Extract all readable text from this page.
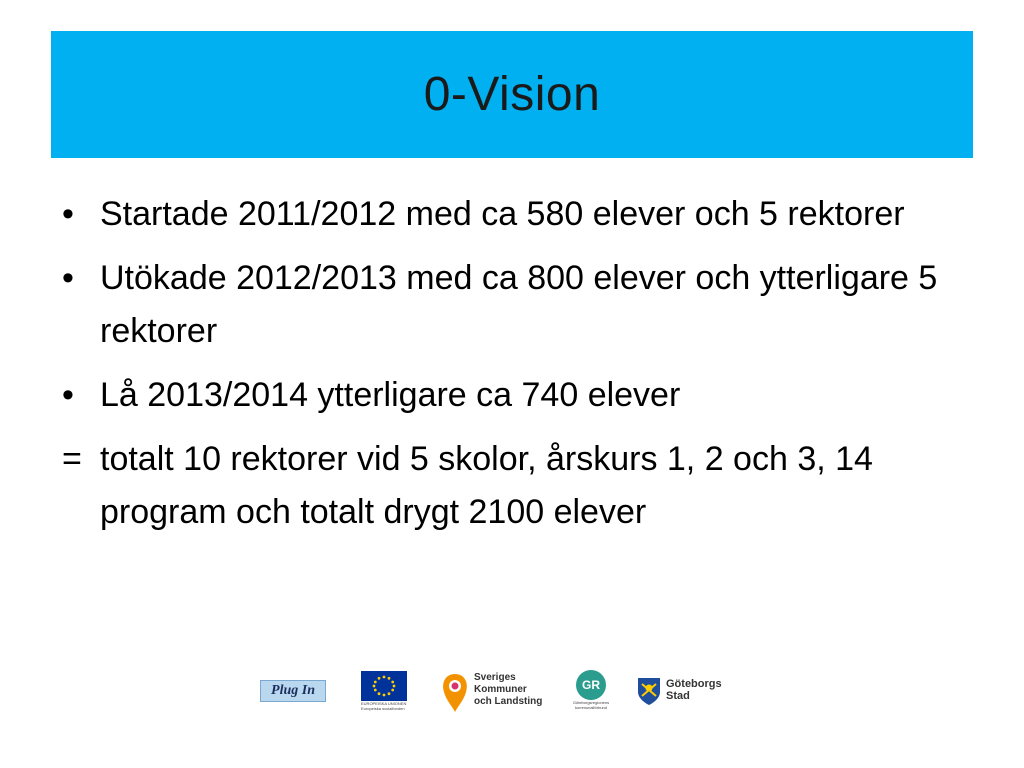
0-Vision
• Startade 2011/2012 med ca 580 elever och 5 rektorer
• Utökade 2012/2013 med ca 800 elever och ytterligare 5 rektorer
• Lå 2013/2014 ytterligare ca 740 elever
= totalt 10 rektorer vid 5 skolor, årskurs 1, 2 och 3, 14 program och totalt drygt 2100 elever
Plug In
EUROPEISKA UNIONEN
Europeiska socialfonden
Sveriges
Kommuner
och Landsting
GR
Göteborgsregionens kommunalförbund
Göteborgs
Stad
